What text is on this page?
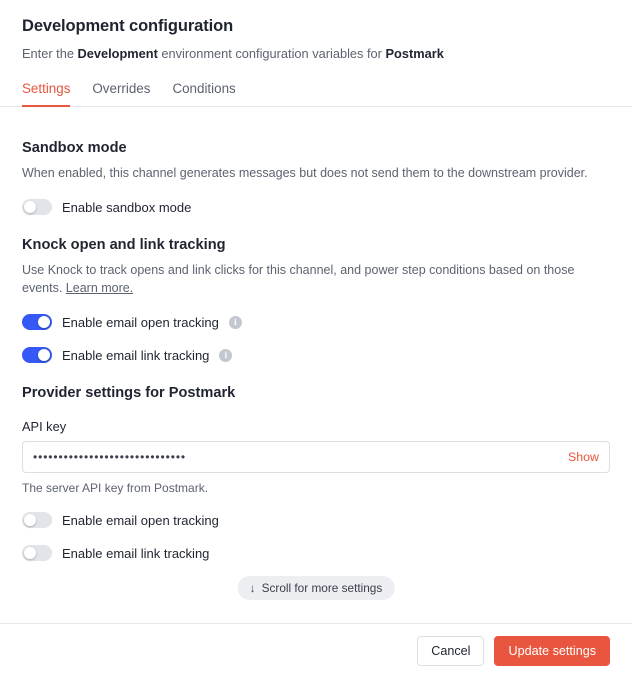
Development configuration

Enter the Development environment configuration variables for Postmark

Settings Overrides Conditions
Sandbox mode

When enabled, this channel generates messages but does not send them to the downstream provider.

Enable sandbox mode
Knock open and link tracking

Use Knock to track opens and link clicks for this channel, and power step conditions based on those events. Learn more.

Enable email open tracking	i
Enable email link tracking	i
Provider settings for Postmark
API key
••••••••••••••••••••••••••••••	Show
The server API key from Postmark.
Enable email open tracking
Enable email link tracking
↓ Scroll for more settings
Cancel	Update settings
